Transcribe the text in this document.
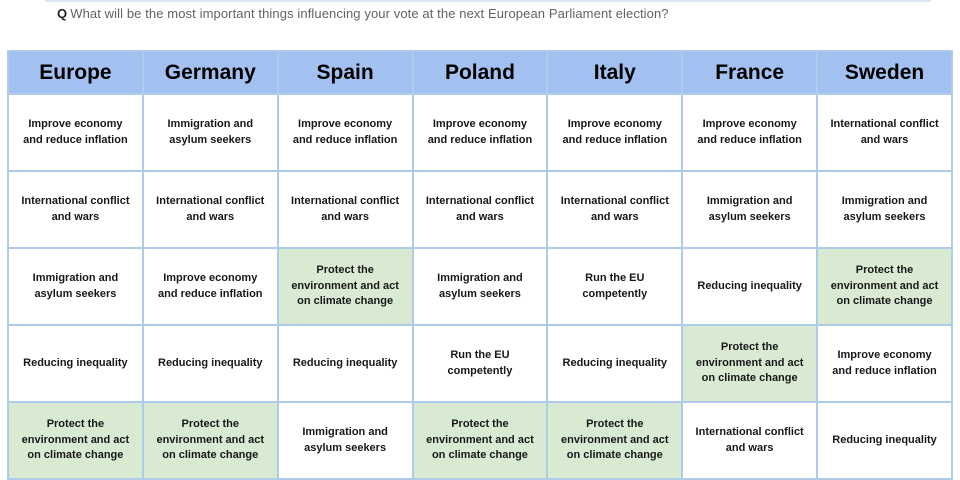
Q What will be the most important things influencing your vote at the next European Parliament election?
Europe	Germany	Spain	Poland	Italy	France	Sweden
Improve economy and reduce inflation	Immigration and asylum seekers	Improve economy and reduce inflation	Improve economy and reduce inflation	Improve economy and reduce inflation	Improve economy and reduce inflation	International conflict and wars
International conflict and wars	International conflict and wars	International conflict and wars	International conflict and wars	International conflict and wars	Immigration and asylum seekers	Immigration and asylum seekers
Immigration and asylum seekers	Improve economy and reduce inflation	Protect the environment and act on climate change	Immigration and asylum seekers	Run the EU competently	Reducing inequality	Protect the environment and act on climate change
Reducing inequality	Reducing inequality	Reducing inequality	Run the EU competently	Reducing inequality	Protect the environment and act on climate change	Improve economy and reduce inflation
Protect the environment and act on climate change	Protect the environment and act on climate change	Immigration and asylum seekers	Protect the environment and act on climate change	Protect the environment and act on climate change	International conflict and wars	Reducing inequality
